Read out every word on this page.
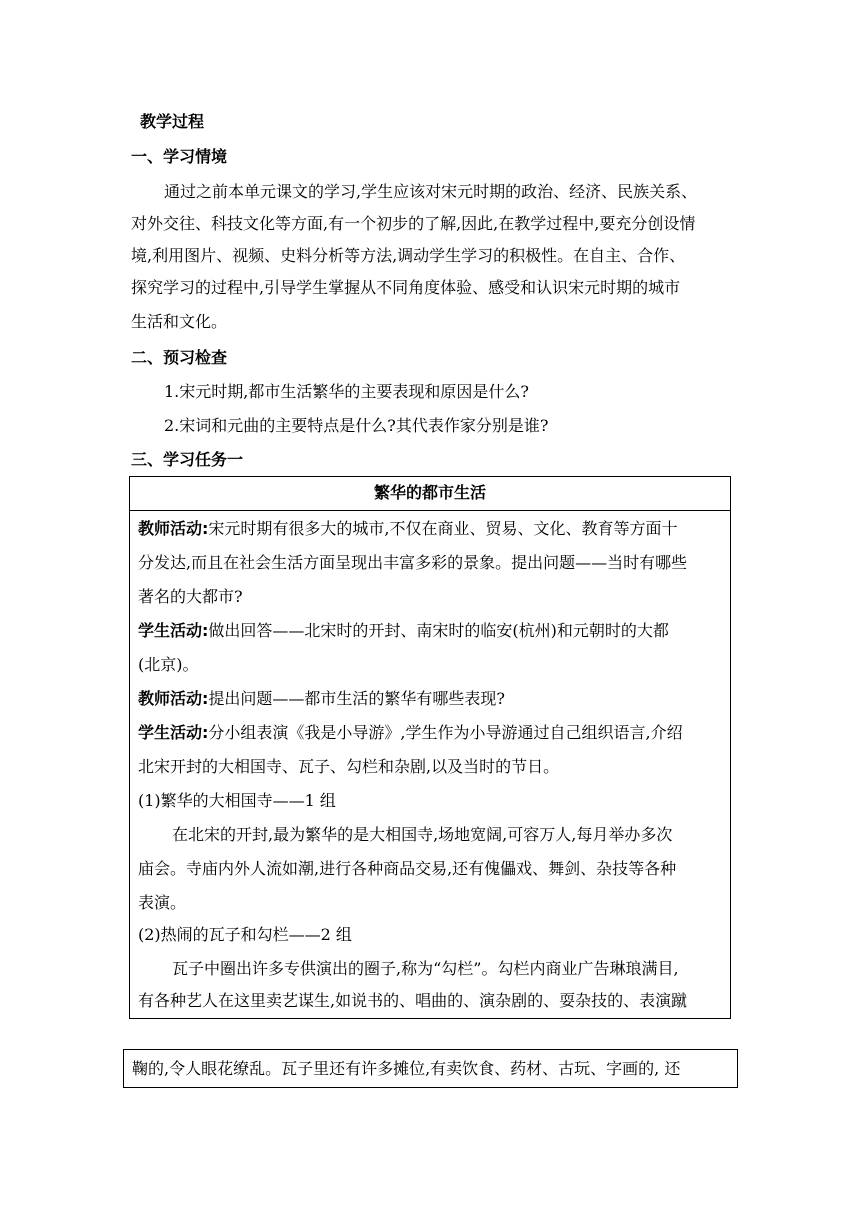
教学过程
一、学习情境
通过之前本单元课文的学习,学生应该对宋元时期的政治、经济、民族关系、
对外交往、科技文化等方面,有一个初步的了解,因此,在教学过程中,要充分创设情
境,利用图片、视频、史料分析等方法,调动学生学习的积极性。在自主、合作、
探究学习的过程中,引导学生掌握从不同角度体验、感受和认识宋元时期的城市
生活和文化。
二、预习检查
1.宋元时期,都市生活繁华的主要表现和原因是什么?
2.宋词和元曲的主要特点是什么?其代表作家分别是谁?
三、学习任务一
繁华的都市生活
教师活动:宋元时期有很多大的城市,不仅在商业、贸易、文化、教育等方面十
分发达,而且在社会生活方面呈现出丰富多彩的景象。提出问题——当时有哪些
著名的大都市?
学生活动:做出回答——北宋时的开封、南宋时的临安(杭州)和元朝时的大都
(北京)。
教师活动:提出问题——都市生活的繁华有哪些表现?
学生活动:分小组表演《我是小导游》,学生作为小导游通过自己组织语言,介绍
北宋开封的大相国寺、瓦子、勾栏和杂剧,以及当时的节日。
(1)繁华的大相国寺——1 组
在北宋的开封,最为繁华的是大相国寺,场地宽阔,可容万人,每月举办多次
庙会。寺庙内外人流如潮,进行各种商品交易,还有傀儡戏、舞剑、杂技等各种
表演。
(2)热闹的瓦子和勾栏——2 组
瓦子中圈出许多专供演出的圈子,称为“勾栏”。勾栏内商业广告琳琅满目,
有各种艺人在这里卖艺谋生,如说书的、唱曲的、演杂剧的、耍杂技的、表演蹴
鞠的,令人眼花缭乱。瓦子里还有许多摊位,有卖饮食、药材、古玩、字画的, 还
